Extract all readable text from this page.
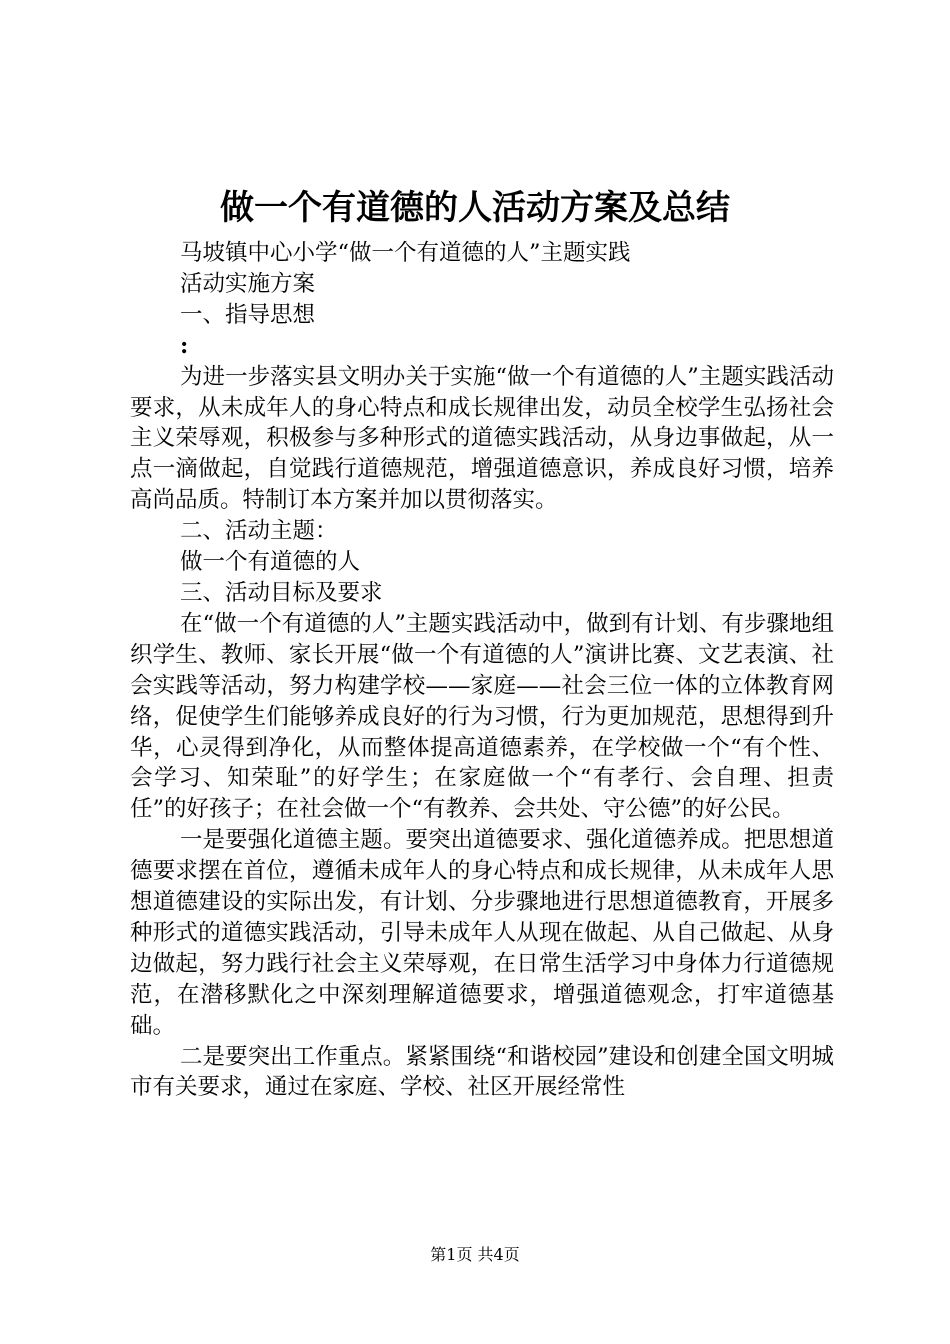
做一个有道德的人活动方案及总结
马坡镇中心小学“做一个有道德的人”主题实践
活动实施方案
一、指导思想
:
为进一步落实县文明办关于实施“做一个有道德的人”主题实践活动要求，从未成年人的身心特点和成长规律出发，动员全校学生弘扬社会主义荣辱观，积极参与多种形式的道德实践活动，从身边事做起，从一点一滴做起，自觉践行道德规范，增强道德意识，养成良好习惯，培养高尚品质。特制订本方案并加以贯彻落实。
二、活动主题：
做一个有道德的人
三、活动目标及要求
在“做一个有道德的人”主题实践活动中，做到有计划、有步骤地组织学生、教师、家长开展“做一个有道德的人”演讲比赛、文艺表演、社会实践等活动，努力构建学校——家庭——社会三位一体的立体教育网络，促使学生们能够养成良好的行为习惯，行为更加规范，思想得到升华，心灵得到净化，从而整体提高道德素养，在学校做一个“有个性、会学习、知荣耻”的好学生；在家庭做一个“有孝行、会自理、担责任”的好孩子；在社会做一个“有教养、会共处、守公德”的好公民。
一是要强化道德主题。要突出道德要求、强化道德养成。把思想道德要求摆在首位，遵循未成年人的身心特点和成长规律，从未成年人思想道德建设的实际出发，有计划、分步骤地进行思想道德教育，开展多种形式的道德实践活动，引导未成年人从现在做起、从自己做起、从身边做起，努力践行社会主义荣辱观，在日常生活学习中身体力行道德规范，在潜移默化之中深刻理解道德要求，增强道德观念，打牢道德基础。
二是要突出工作重点。紧紧围绕“和谐校园”建设和创建全国文明城市有关要求，通过在家庭、学校、社区开展经常性
第1页 共4页
